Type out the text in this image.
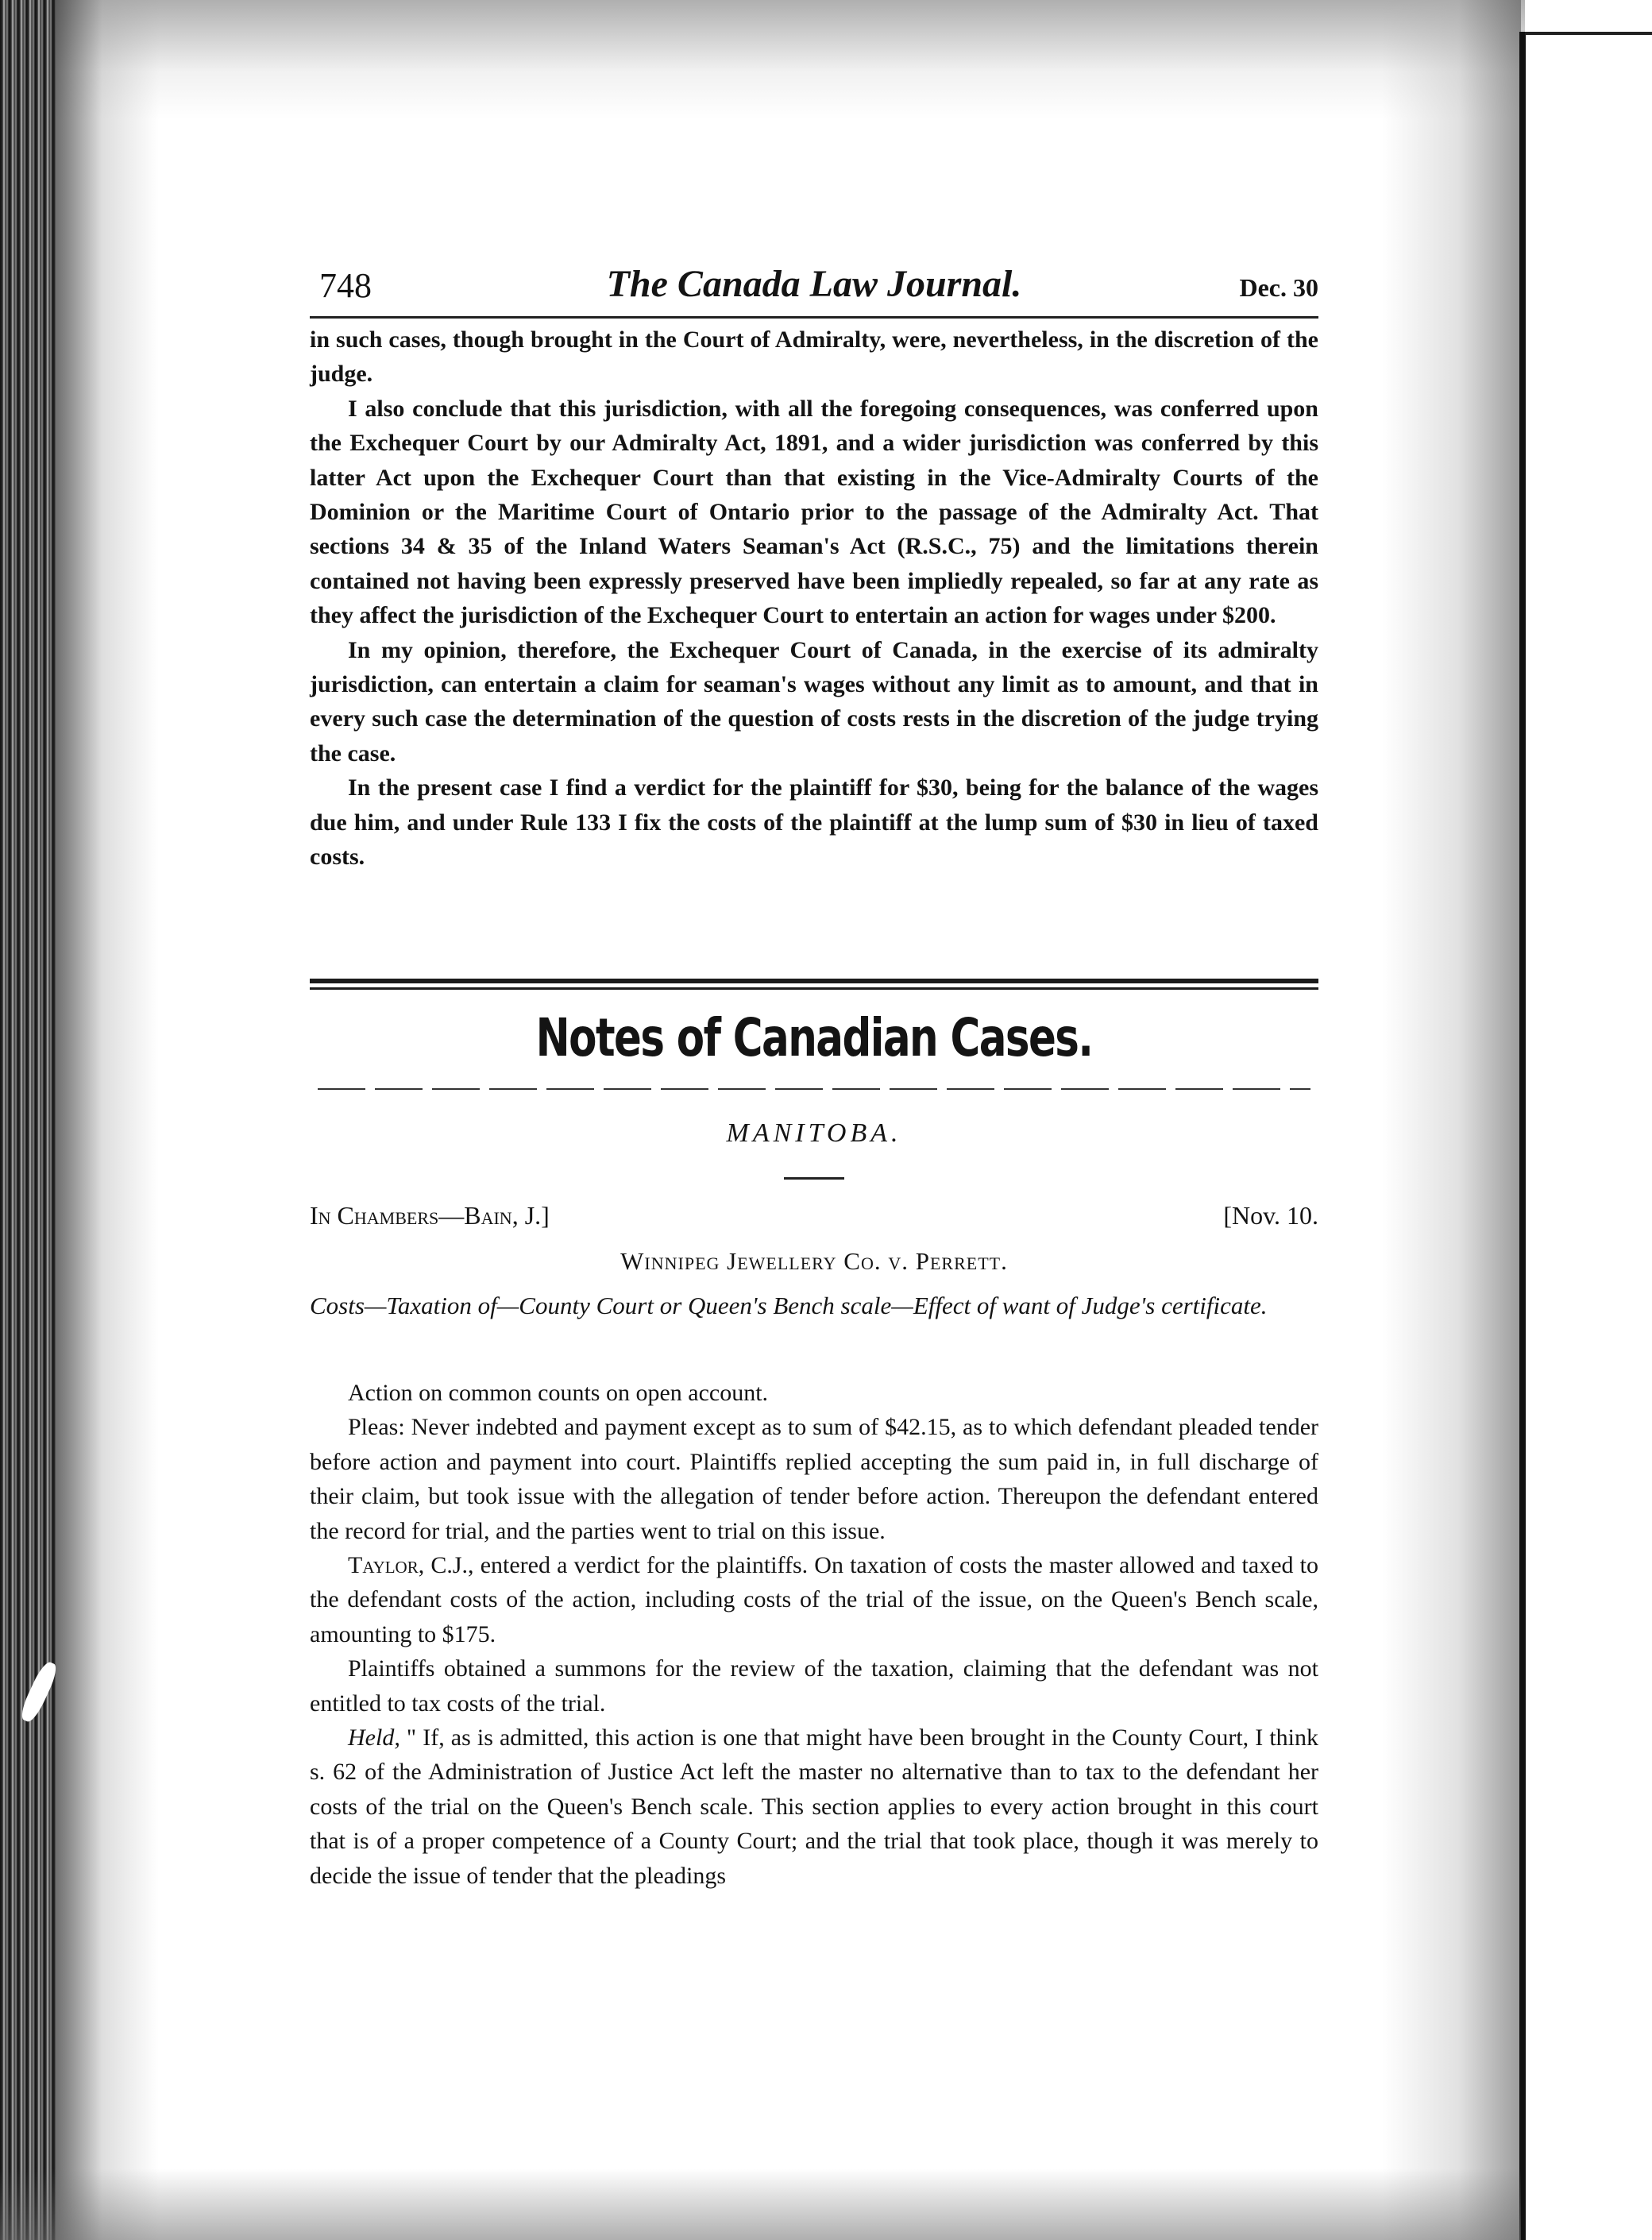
748	The Canada Law Journal.	Dec. 30

in such cases, though brought in the Court of Admiralty, were, nevertheless, in the discretion of the judge.

I also conclude that this jurisdiction, with all the foregoing consequences, was conferred upon the Exchequer Court by our Admiralty Act, 1891, and a wider jurisdiction was conferred by this latter Act upon the Exchequer Court than that existing in the Vice-Admiralty Courts of the Dominion or the Maritime Court of Ontario prior to the passage of the Admiralty Act. That sections 34 & 35 of the Inland Waters Seaman's Act (R.S.C., 75) and the limitations therein contained not having been expressly preserved have been impliedly repealed, so far at any rate as they affect the jurisdiction of the Exchequer Court to entertain an action for wages under $200.

In my opinion, therefore, the Exchequer Court of Canada, in the exercise of its admiralty jurisdiction, can entertain a claim for seaman's wages without any limit as to amount, and that in every such case the determination of the question of costs rests in the discretion of the judge trying the case.

In the present case I find a verdict for the plaintiff for $30, being for the balance of the wages due him, and under Rule 133 I fix the costs of the plaintiff at the lump sum of $30 in lieu of taxed costs.

Notes of Canadian Cases.
MANITOBA.
In Chambers—Bain, J.]	[Nov. 10.
Winnipeg Jewellery Co. v. Perrett.
Costs—Taxation of—County Court or Queen's Bench scale—Effect of want of Judge's certificate.

Action on common counts on open account.

Pleas: Never indebted and payment except as to sum of $42.15, as to which defendant pleaded tender before action and payment into court. Plaintiffs replied accepting the sum paid in, in full discharge of their claim, but took issue with the allegation of tender before action. Thereupon the defendant entered the record for trial, and the parties went to trial on this issue.

Taylor, C.J., entered a verdict for the plaintiffs. On taxation of costs the master allowed and taxed to the defendant costs of the action, including costs of the trial of the issue, on the Queen's Bench scale, amounting to $175.

Plaintiffs obtained a summons for the review of the taxation, claiming that the defendant was not entitled to tax costs of the trial.

Held, " If, as is admitted, this action is one that might have been brought in the County Court, I think s. 62 of the Administration of Justice Act left the master no alternative than to tax to the defendant her costs of the trial on the Queen's Bench scale. This section applies to every action brought in this court that is of a proper competence of a County Court; and the trial that took place, though it was merely to decide the issue of tender that the pleadings
